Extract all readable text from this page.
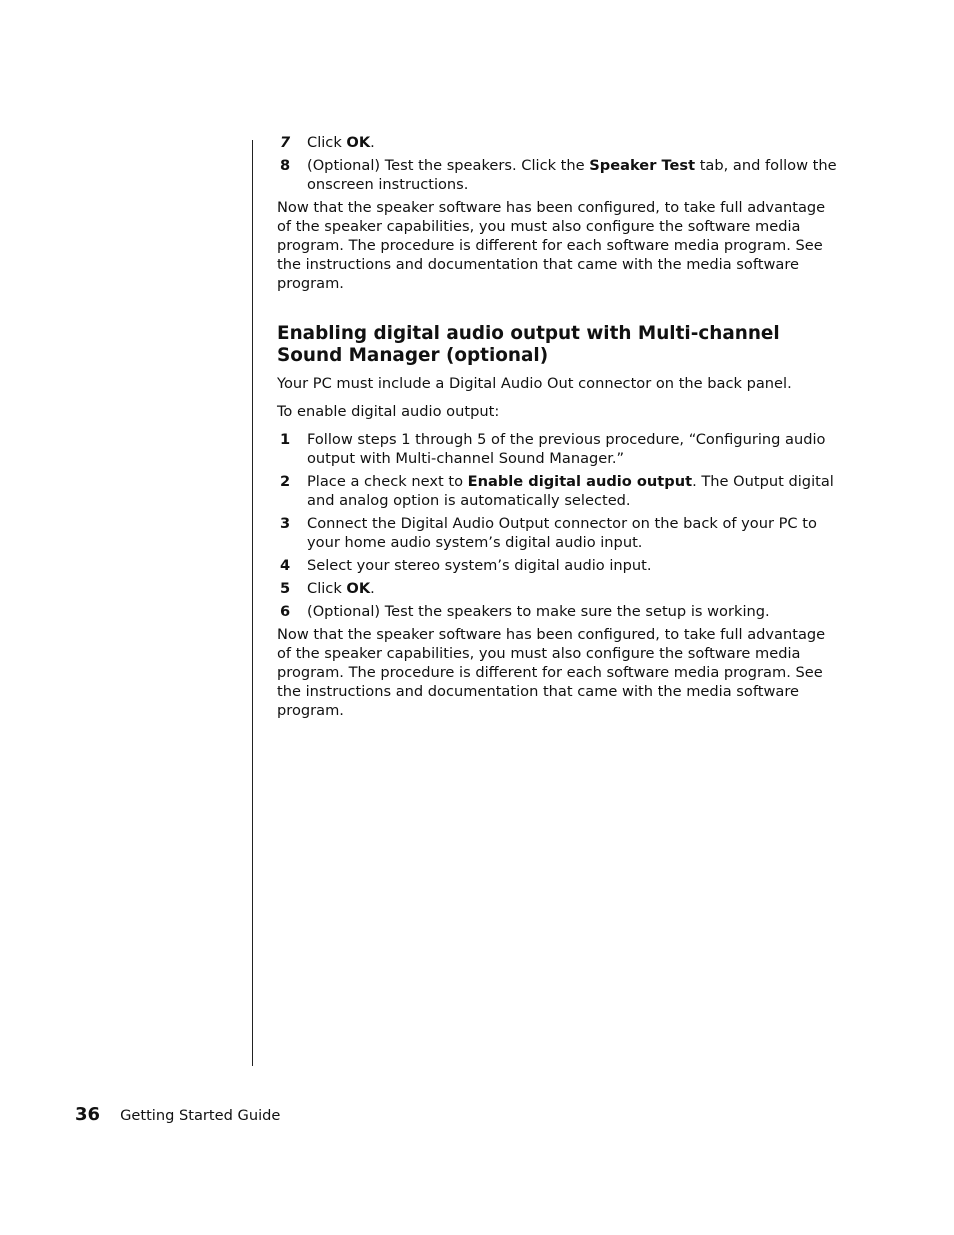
7 Click OK.
8 (Optional) Test the speakers. Click the Speaker Test tab, and follow the onscreen instructions.

Now that the speaker software has been configured, to take full advantage of the speaker capabilities, you must also configure the software media program. The procedure is different for each software media program. See the instructions and documentation that came with the media software program.

Enabling digital audio output with Multi-channel Sound Manager (optional)

Your PC must include a Digital Audio Out connector on the back panel.

To enable digital audio output:

1 Follow steps 1 through 5 of the previous procedure, “Configuring audio output with Multi-channel Sound Manager.”
2 Place a check next to Enable digital audio output. The Output digital and analog option is automatically selected.
3 Connect the Digital Audio Output connector on the back of your PC to your home audio system’s digital audio input.
4 Select your stereo system’s digital audio input.
5 Click OK.
6 (Optional) Test the speakers to make sure the setup is working.

Now that the speaker software has been configured, to take full advantage of the speaker capabilities, you must also configure the software media program. The procedure is different for each software media program. See the instructions and documentation that came with the media software program.

36 Getting Started Guide
